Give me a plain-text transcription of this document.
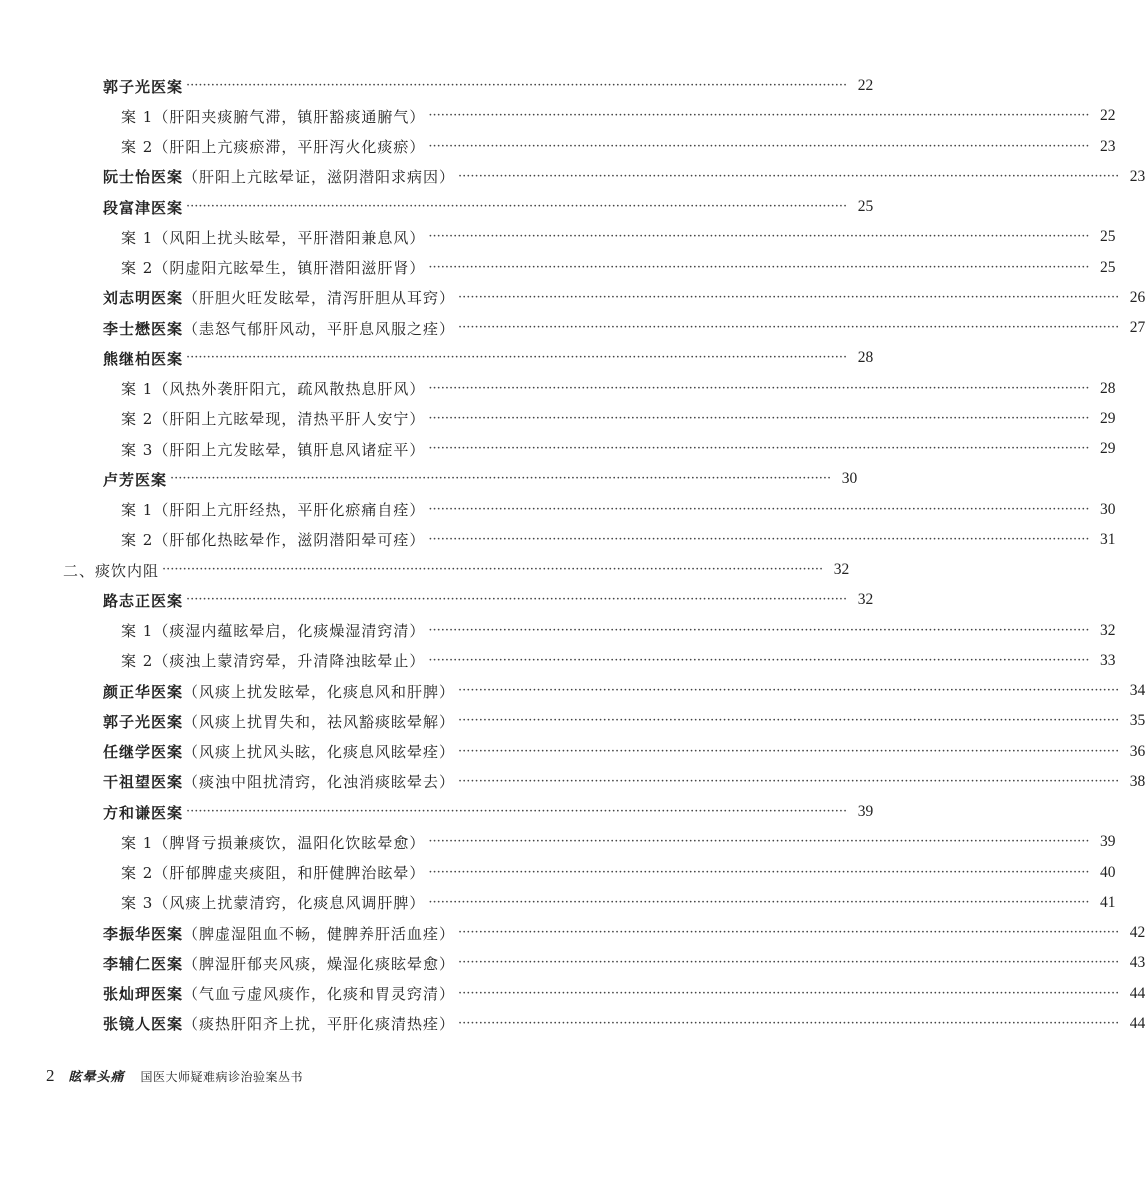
郭子光医案 ································································································································································ 22
案 1（肝阳夹痰腑气滞，镇肝豁痰通腑气） ································································································································································ 22
案 2（肝阳上亢痰瘀滞，平肝泻火化痰瘀） ································································································································································ 23
阮士怡医案（肝阳上亢眩晕证，滋阴潜阳求病因） ································································································································································ 23
段富津医案 ································································································································································ 25
案 1（风阳上扰头眩晕，平肝潜阳兼息风） ································································································································································ 25
案 2（阴虚阳亢眩晕生，镇肝潜阳滋肝肾） ································································································································································ 25
刘志明医案（肝胆火旺发眩晕，清泻肝胆从耳窍） ································································································································································ 26
李士懋医案（恚怒气郁肝风动，平肝息风服之痊） ································································································································································ 27
熊继柏医案 ································································································································································ 28
案 1（风热外袭肝阳亢，疏风散热息肝风） ································································································································································ 28
案 2（肝阳上亢眩晕现，清热平肝人安宁） ································································································································································ 29
案 3（肝阳上亢发眩晕，镇肝息风诸症平） ································································································································································ 29
卢芳医案 ································································································································································ 30
案 1（肝阳上亢肝经热，平肝化瘀痛自痊） ································································································································································ 30
案 2（肝郁化热眩晕作，滋阴潜阳晕可痊） ································································································································································ 31
二、痰饮内阻 ································································································································································ 32
路志正医案 ································································································································································ 32
案 1（痰湿内蕴眩晕启，化痰燥湿清窍清） ································································································································································ 32
案 2（痰浊上蒙清窍晕，升清降浊眩晕止） ································································································································································ 33
颜正华医案（风痰上扰发眩晕，化痰息风和肝脾） ································································································································································ 34
郭子光医案（风痰上扰胃失和，祛风豁痰眩晕解） ································································································································································ 35
任继学医案（风痰上扰风头眩，化痰息风眩晕痊） ································································································································································ 36
干祖望医案（痰浊中阻扰清窍，化浊消痰眩晕去） ································································································································································ 38
方和谦医案 ································································································································································ 39
案 1（脾肾亏损兼痰饮，温阳化饮眩晕愈） ································································································································································ 39
案 2（肝郁脾虚夹痰阻，和肝健脾治眩晕） ································································································································································ 40
案 3（风痰上扰蒙清窍，化痰息风调肝脾） ································································································································································ 41
李振华医案（脾虚湿阻血不畅，健脾养肝活血痊） ································································································································································ 42
李辅仁医案（脾湿肝郁夹风痰，燥湿化痰眩晕愈） ································································································································································ 43
张灿玾医案（气血亏虚风痰作，化痰和胃灵窍清） ································································································································································ 44
张镜人医案（痰热肝阳齐上扰，平肝化痰清热痊） ································································································································································ 44
2 眩晕头痛 国医大师疑难病诊治验案丛书
